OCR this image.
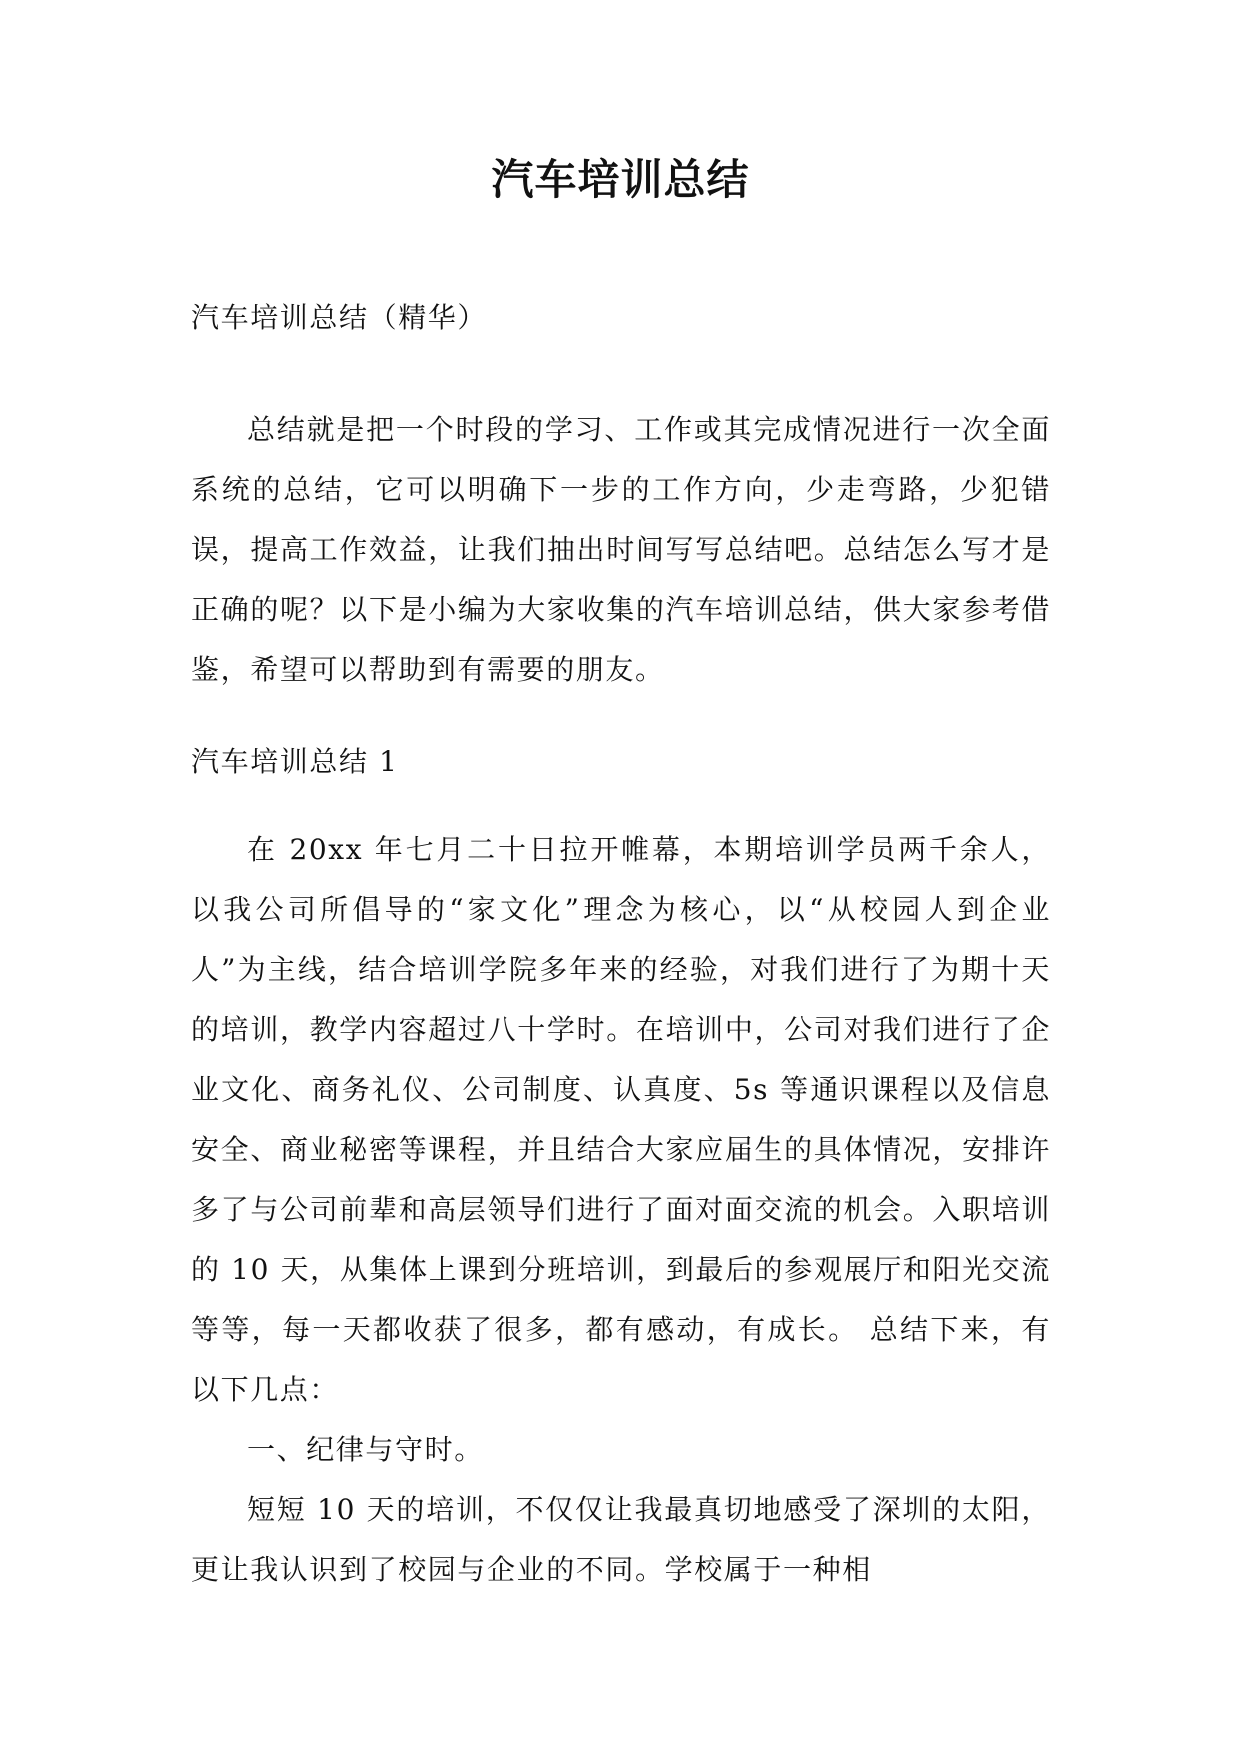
汽车培训总结

汽车培训总结（精华）

总结就是把一个时段的学习、工作或其完成情况进行一次全面系统的总结，它可以明确下一步的工作方向，少走弯路，少犯错误，提高工作效益，让我们抽出时间写写总结吧。总结怎么写才是正确的呢？以下是小编为大家收集的汽车培训总结，供大家参考借鉴，希望可以帮助到有需要的朋友。

汽车培训总结 1

在 20xx 年七月二十日拉开帷幕，本期培训学员两千余人，以我公司所倡导的“家文化”理念为核心，以“从校园人到企业人”为主线，结合培训学院多年来的经验，对我们进行了为期十天的培训，教学内容超过八十学时。在培训中，公司对我们进行了企业文化、商务礼仪、公司制度、认真度、5s 等通识课程以及信息安全、商业秘密等课程，并且结合大家应届生的具体情况，安排许多了与公司前辈和高层领导们进行了面对面交流的机会。入职培训的 10 天，从集体上课到分班培训，到最后的参观展厅和阳光交流等等，每一天都收获了很多，都有感动，有成长。 总结下来，有以下几点：

一、纪律与守时。

短短 10 天的培训，不仅仅让我最真切地感受了深圳的太阳，更让我认识到了校园与企业的不同。学校属于一种相
